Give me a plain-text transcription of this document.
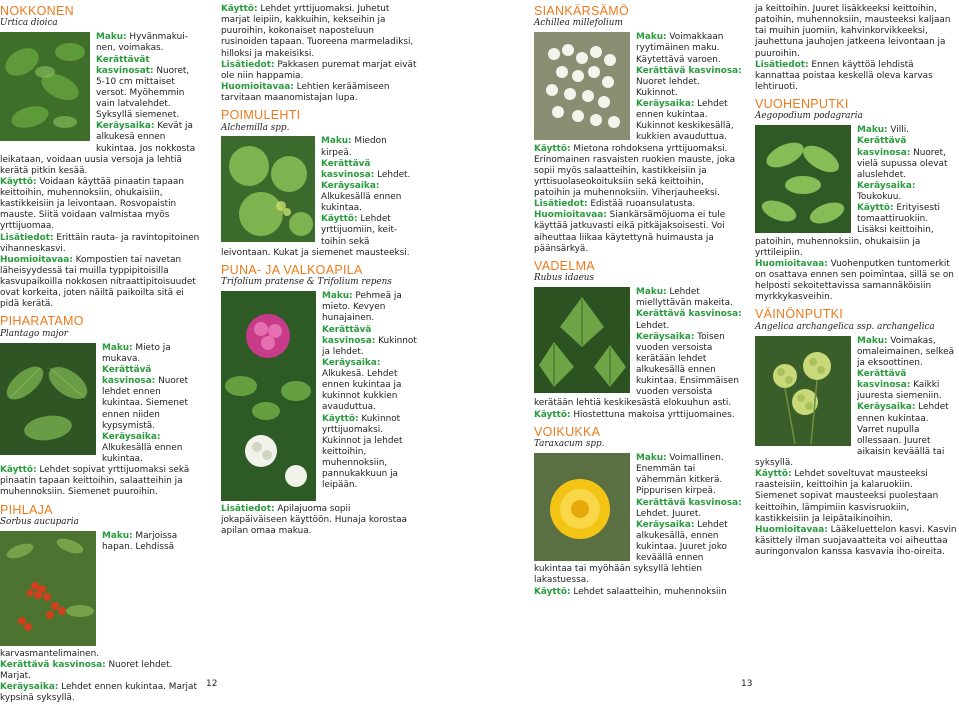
NOKKONEN
Urtica dioica

Maku: Hyvänmakui-nen, voimakas.

Kerättävät kasvinosat: Nuoret, 5-10 cm mittaiset versot. Myöhemmin vain latvalehdet. Syksyllä siemenet.

Keräysaika: Kevät ja alkukesä ennen kukintaa. Jos nokkosta leikataan, voidaan uusia versoja ja lehtiä kerätä pitkin kesää.

Käyttö: Voidaan käyttää pinaatin tapaan keittoihin, muhennoksiin, ohukaisiin, kastikkeisiin ja leivontaan. Rosvopaistin mauste. Siitä voidaan valmistaa myös yrttijuomaa.

Lisätiedot: Erittäin rauta- ja ravintopitoinen vihanneskasvi.

Huomioitavaa: Kompostien tai navetan läheisyydessä tai muilla typpipitoisilla kasvupaikoilla nokkosen nitraattipitoisuudet ovat korkeita, joten näiltä paikoilta sitä ei pidä kerätä.

PIHARATAMO
Plantago major

Maku: Mieto ja mukava.

Kerättävä kasvinosa: Nuoret lehdet ennen kukintaa. Siemenet ennen niiden kypsymistä.

Keräysaika: Alkukesällä ennen kukintaa.

Käyttö: Lehdet sopivat yrttijuomaksi sekä pinaatin tapaan keittoihin, salaatteihin ja muhennoksiin. Siemenet puuroihin.

PIHLAJA
Sorbus aucuparia

Maku: Marjoissa hapan. Lehdissä karvasmantelimainen.

Kerättävä kasvinosa: Nuoret lehdet. Marjat.

Keräysaika: Lehdet ennen kukintaa. Marjat kypsinä syksyllä.

Käyttö: Lehdet yrttijuomaksi. Juhetut marjat leipiin, kakkuihin, kekseihin ja puuroihin, kokonaiset naposteluun rusinoiden tapaan. Tuoreena marmeladiksi, hilloksi ja makeisiksi.

Lisätiedot: Pakkasen puremat marjat eivät ole niin happamia.

Huomioitavaa: Lehtien keräämiseen tarvitaan maanomistajan lupa.

POIMULEHTI
Alchemilla spp.

Maku: Miedon kirpeä.

Kerättävä kasvinosa: Lehdet.

Keräysaika: Alkukesällä ennen kukintaa.

Käyttö: Lehdet yrttijuomiin, keit-toihin sekä leivontaan. Kukat ja siemenet mausteeksi.

PUNA- JA VALKOAPILA
Trifolium pratense & Trifolium repens

Maku: Pehmeä ja mieto. Kevyen hunajainen.

Kerättävä kasvinosa: Kukinnot ja lehdet.

Keräysaika: Alkukesä. Lehdet ennen kukintaa ja kukinnot kukkien avauduttua.

Käyttö: Kukinnot yrttijuomaksi. Kukinnot ja lehdet keittoihin, muhennoksiin, pannukakkuun ja leipään.

Lisätiedot: Apilajuoma sopii jokapäiväiseen käyttöön. Hunaja korostaa apilan omaa makua.

SIANKÄRSÄMÖ
Achillea millefolium

Maku: Voimakkaan ryytimäinen maku. Käytettävä varoen.

Kerättävä kasvinosa: Nuoret lehdet. Kukinnot.

Keräysaika: Lehdet ennen kukintaa. Kukinnot keskikesällä, kukkien avauduttua.

Käyttö: Mietona rohdoksena yrttijuomaksi. Erinomainen rasvaisten ruokien mauste, joka sopii myös salaatteihin, kastikkeisiin ja yrttisuolaseokoituksiin sekä keittoihin, patoihin ja muhennoksiin. Viherjauheeksi.

Lisätiedot: Edistää ruoansulatusta.

Huomioitavaa: Siankärsämöjuoma ei tule käyttää jatkuvasti eikä pitkäjaksoisesti. Voi aiheuttaa liikaa käytettynä huimausta ja päänsärkyä.

VADELMA
Rubus idaeus

Maku: Lehdet miellyttävän makeita.

Kerättävä kasvinosa: Lehdet.

Keräysaika: Toisen vuoden versoista kerätään lehdet alkukesällä ennen kukintaa. Ensimmäisen vuoden versoista kerätään lehtiä keskikesästä elokuuhun asti.

Käyttö: Hiostettuna makoisa yrttijuomaines.

VOIKUKKA
Taraxacum spp.

Maku: Voimallinen. Enemmän tai vähemmän kitkerä. Pippurisen kirpeä.

Kerättävä kasvinosa: Lehdet. Juuret.

Keräysaika: Lehdet alkukesällä, ennen kukintaa. Juuret joko keväällä ennen kukintaa tai myöhään syksyllä lehtien lakastuessa.

Käyttö: Lehdet salaatteihin, muhennoksiin

ja keittoihin. Juuret lisäkkeeksi keittoihin, patoihin, muhennoksiin, mausteeksi kaljaan tai muihin juomiin, kahvinkorvikkeeksi, jauhettuna jauhojen jatkeena leivontaan ja puuroihin.

Lisätiedot: Ennen käyttöä lehdistä kannattaa poistaa keskellä oleva karvas lehtiruoti.

VUOHENPUTKI
Aegopodium podagraria

Maku: Villi.

Kerättävä kasvinosa: Nuoret, vielä supussa olevat aluslehdet.

Keräysaika: Toukokuu.

Käyttö: Erityisesti tomaattiruokiin. Lisäksi keittoihin, patoihin, muhennoksiin, ohukaisiin ja yrttileipiin.

Huomioitavaa: Vuohenputken tuntomerkit on osattava ennen sen poimintaa, sillä se on helposti sekoitettavissa samannäköisiin myrkkykasveihin.

VÄINÖNPUTKI
Angelica archangelica ssp. archangelica

Maku: Voimakas, omaleimainen, selkeä ja eksoottinen.

Kerättävä kasvinosa: Kaikki juuresta siemeniin.

Keräysaika: Lehdet ennen kukintaa. Varret nupulla ollessaan. Juuret aikaisin keväällä tai syksyllä.

Käyttö: Lehdet soveltuvat mausteeksi raasteisiin, keittoihin ja kalaruokiin. Siemenet sopivat mausteeksi puolestaan keittoihin, lämpimiin kasvisruokiin, kastikkeisiin ja leipätaikinoihin.

Huomioitavaa: Lääkeluettelon kasvi. Kasvin käsittely ilman suojavaatteita voi aiheuttaa auringonvalon kanssa kasvavia iho-oireita.

12	13
